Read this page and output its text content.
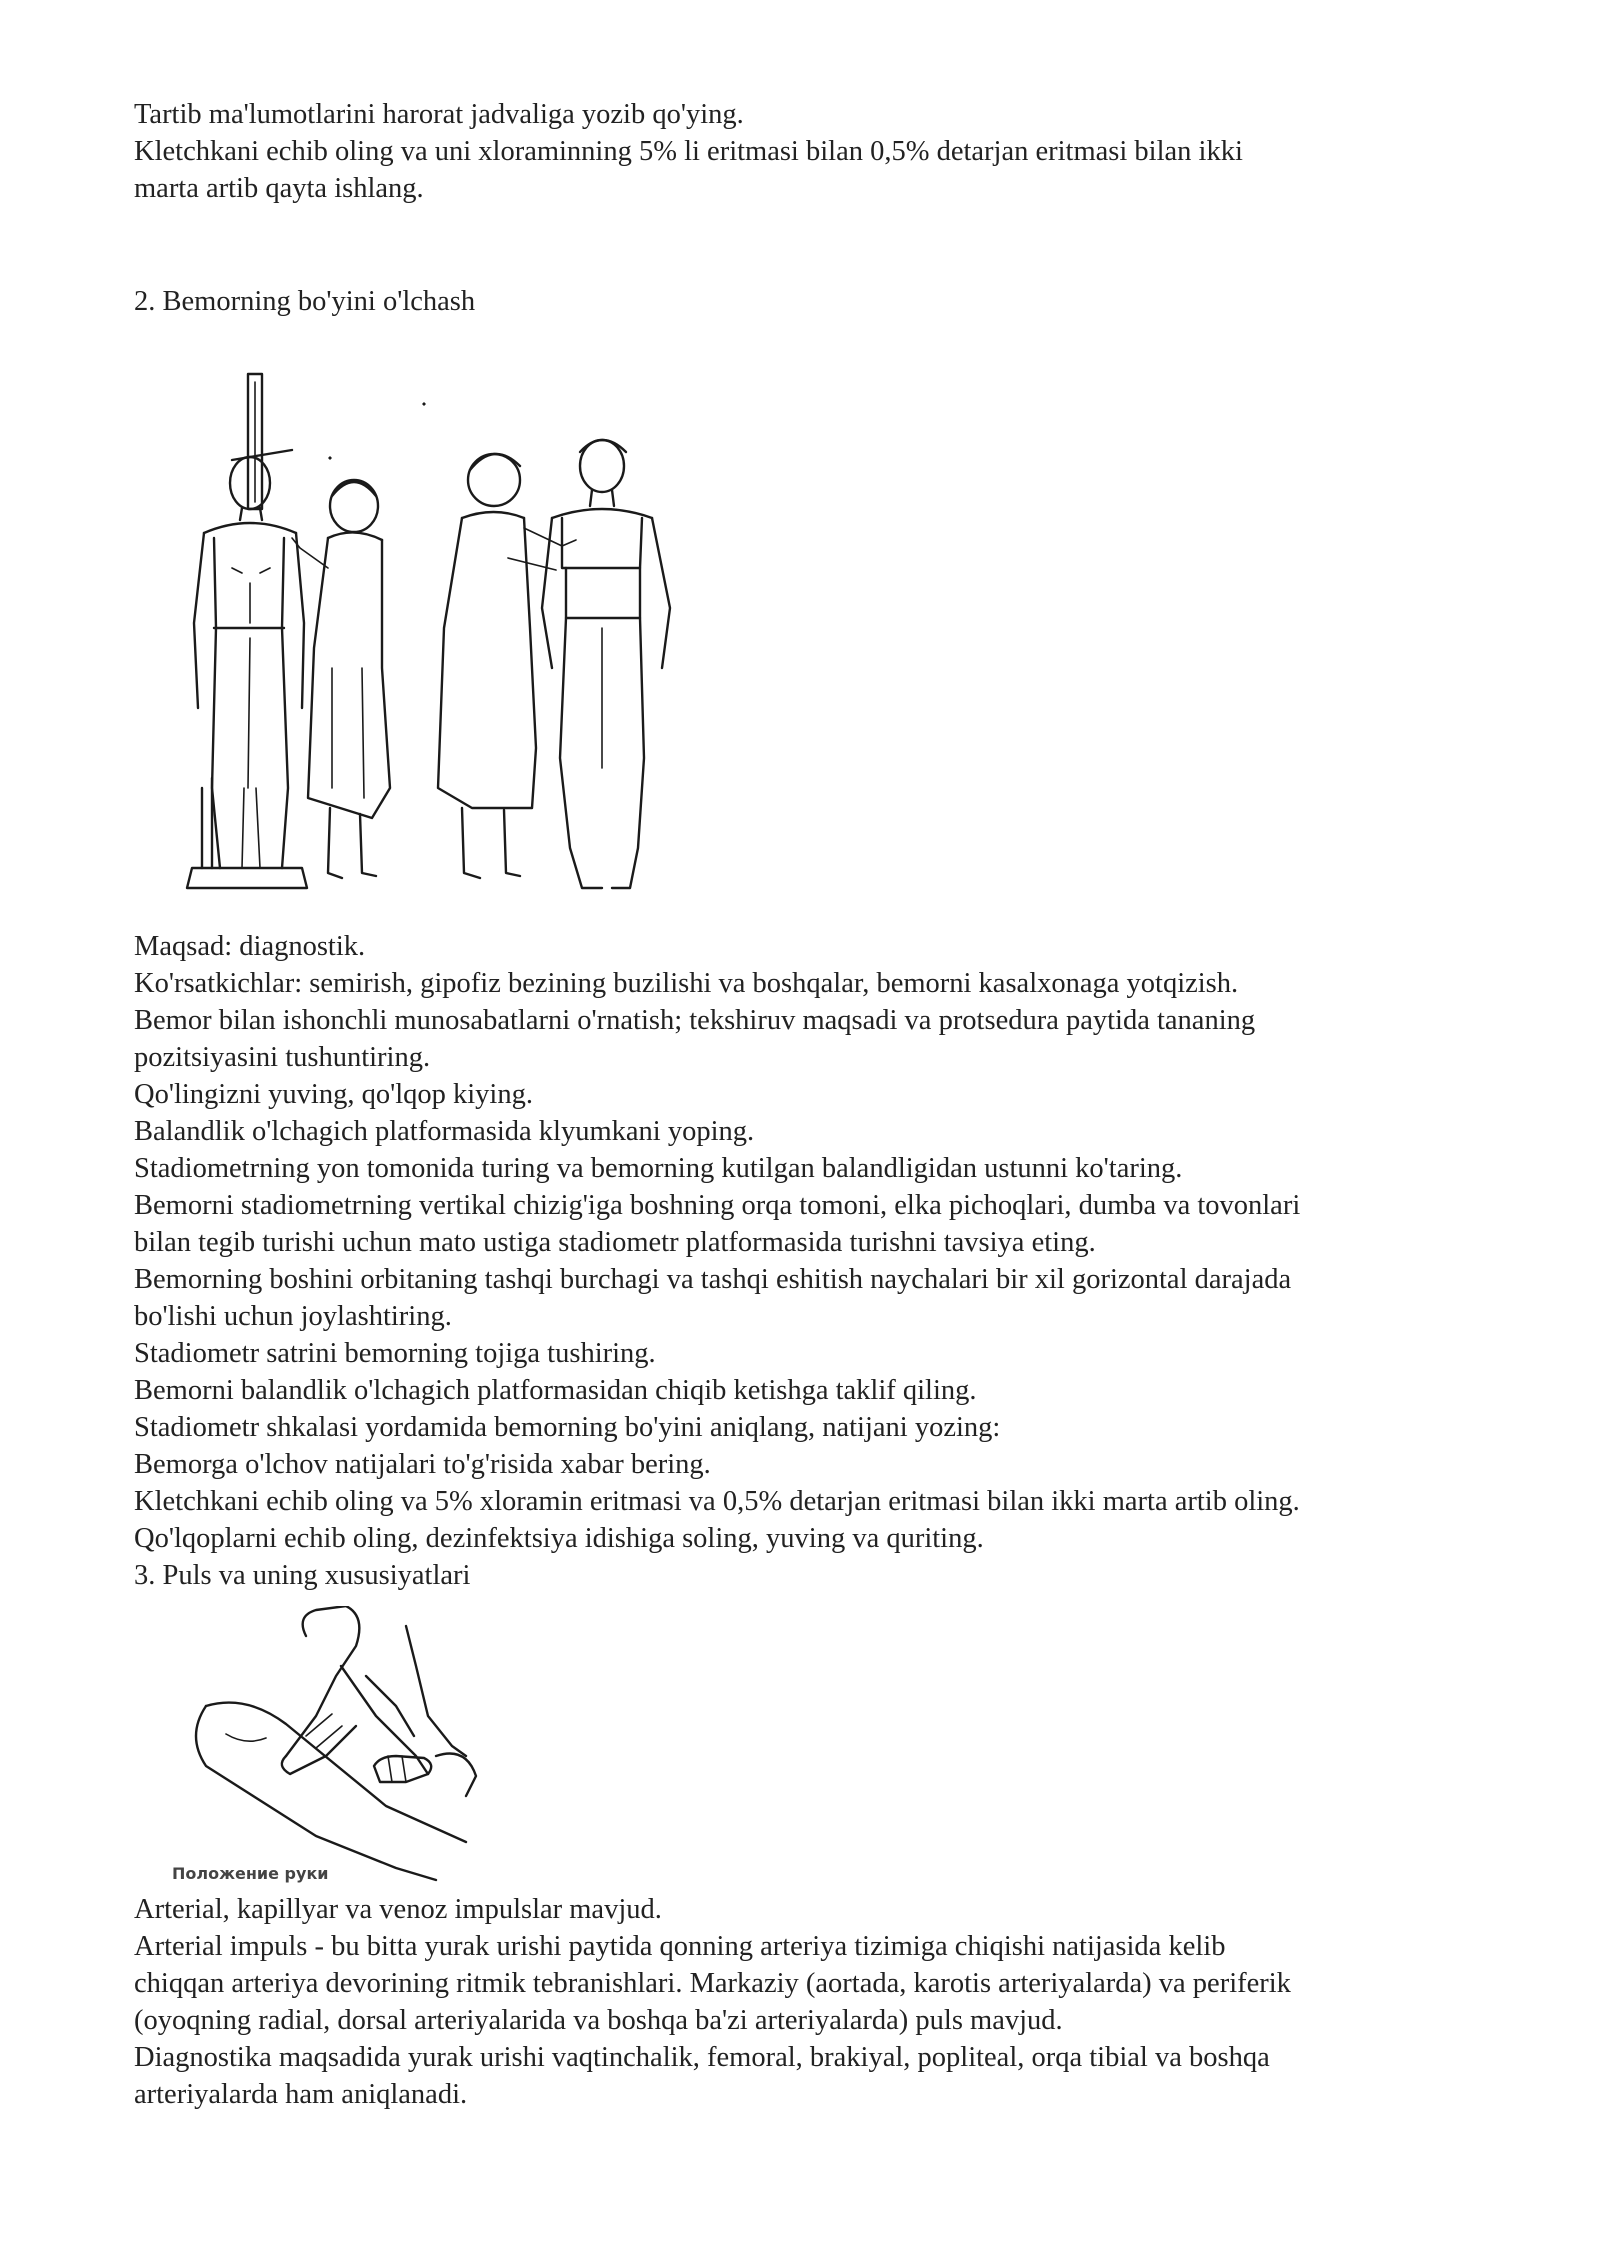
Tartib ma'lumotlarini harorat jadvaliga yozib qo'ying.
Kletchkani echib oling va uni xloraminning 5% li eritmasi bilan 0,5% detarjan eritmasi bilan ikki
marta artib qayta ishlang.
2. Bemorning bo'yini o'lchash
Maqsad: diagnostik.
Ko'rsatkichlar: semirish, gipofiz bezining buzilishi va boshqalar, bemorni kasalxonaga yotqizish.
Bemor bilan ishonchli munosabatlarni o'rnatish; tekshiruv maqsadi va protsedura paytida tananing
pozitsiyasini tushuntiring.
Qo'lingizni yuving, qo'lqop kiying.
Balandlik o'lchagich platformasida klyumkani yoping.
Stadiometrning yon tomonida turing va bemorning kutilgan balandligidan ustunni ko'taring.
Bemorni stadiometrning vertikal chizig'iga boshning orqa tomoni, elka pichoqlari, dumba va tovonlari
bilan tegib turishi uchun mato ustiga stadiometr platformasida turishni tavsiya eting.
Bemorning boshini orbitaning tashqi burchagi va tashqi eshitish naychalari bir xil gorizontal darajada
bo'lishi uchun joylashtiring.
Stadiometr satrini bemorning tojiga tushiring.
Bemorni balandlik o'lchagich platformasidan chiqib ketishga taklif qiling.
Stadiometr shkalasi yordamida bemorning bo'yini aniqlang, natijani yozing:
Bemorga o'lchov natijalari to'g'risida xabar bering.
Kletchkani echib oling va 5% xloramin eritmasi va 0,5% detarjan eritmasi bilan ikki marta artib oling.
Qo'lqoplarni echib oling, dezinfektsiya idishiga soling, yuving va quriting.
3. Puls va uning xususiyatlari
Положение руки
Arterial, kapillyar va venoz impulslar mavjud.
Arterial impuls - bu bitta yurak urishi paytida qonning arteriya tizimiga chiqishi natijasida kelib
chiqqan arteriya devorining ritmik tebranishlari. Markaziy (aortada, karotis arteriyalarda) va periferik
(oyoqning radial, dorsal arteriyalarida va boshqa ba'zi arteriyalarda) puls mavjud.
Diagnostika maqsadida yurak urishi vaqtinchalik, femoral, brakiyal, popliteal, orqa tibial va boshqa
arteriyalarda ham aniqlanadi.
